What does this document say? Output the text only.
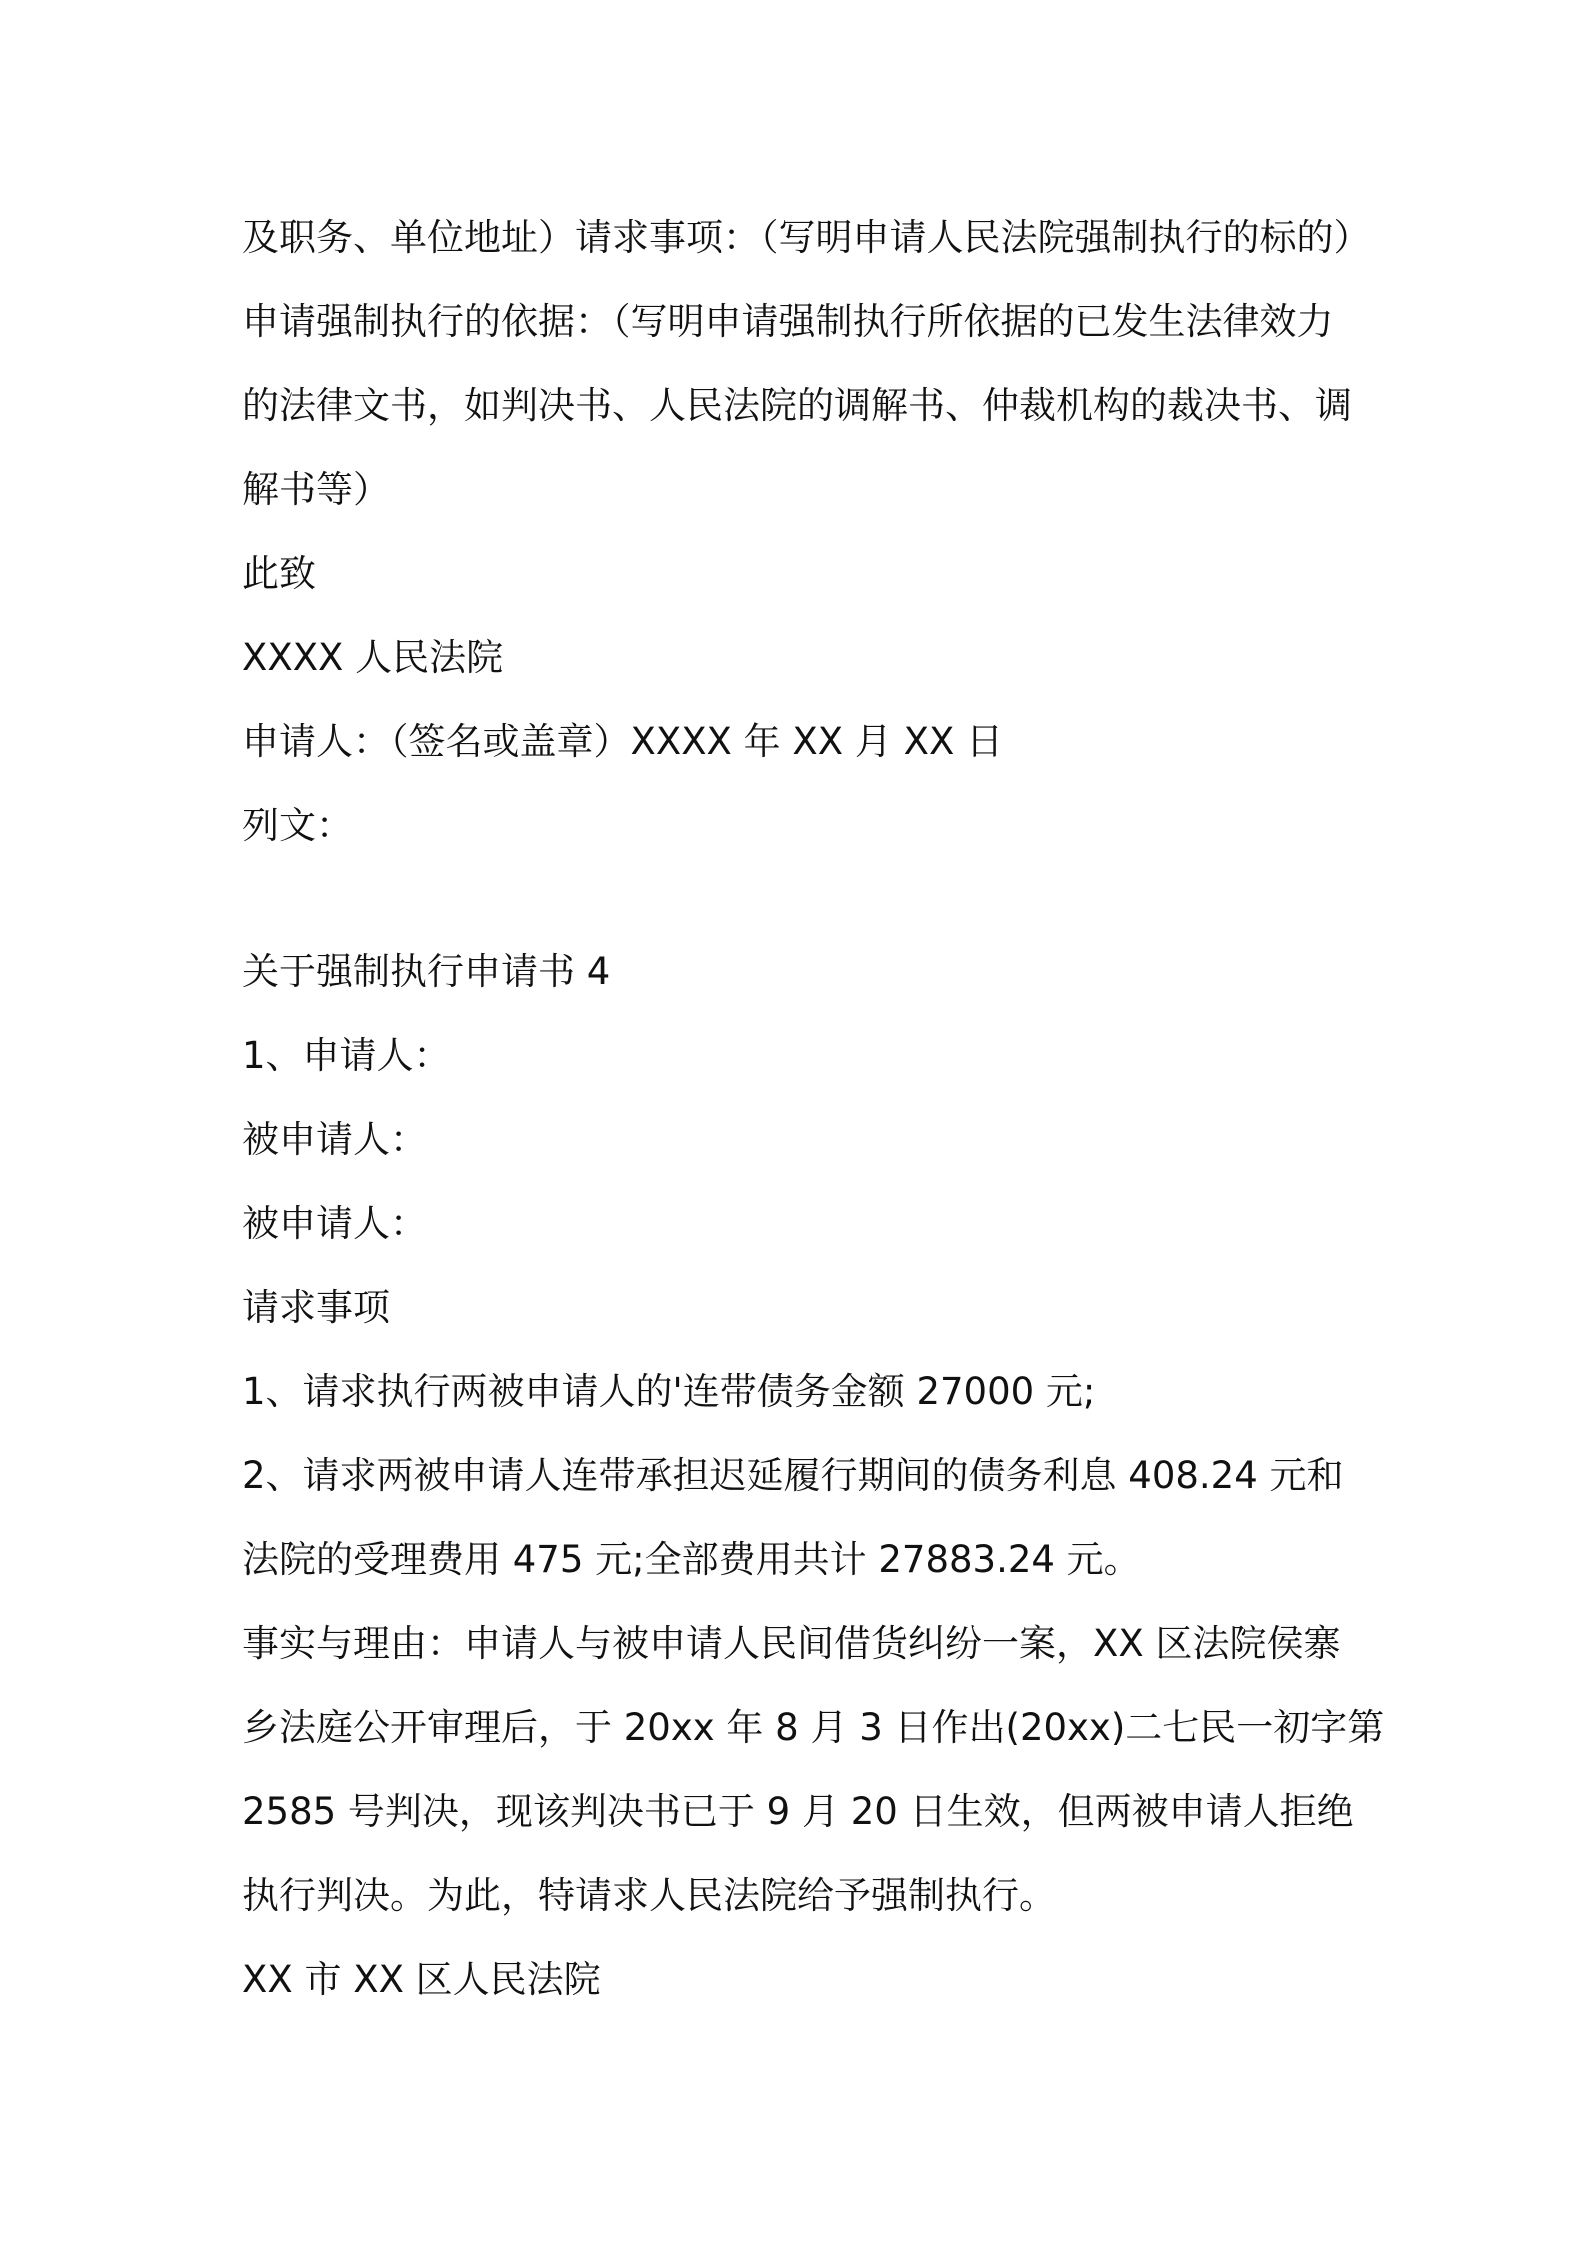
及职务、单位地址）请求事项：（写明申请人民法院强制执行的标的）
申请强制执行的依据：（写明申请强制执行所依据的已发生法律效力
的法律文书，如判决书、人民法院的调解书、仲裁机构的裁决书、调
解书等）
此致
XXXX 人民法院
申请人：（签名或盖章）XXXX 年 XX 月 XX 日
列文：
关于强制执行申请书 4
1、申请人：
被申请人：
被申请人：
请求事项
1、请求执行两被申请人的'连带债务金额 27000 元;
2、请求两被申请人连带承担迟延履行期间的债务利息 408.24 元和
法院的受理费用 475 元;全部费用共计 27883.24 元。
事实与理由：申请人与被申请人民间借货纠纷一案，XX 区法院侯寨
乡法庭公开审理后，于 20xx 年 8 月 3 日作出(20xx)二七民一初字第
2585 号判决，现该判决书已于 9 月 20 日生效，但两被申请人拒绝
执行判决。为此，特请求人民法院给予强制执行。
XX 市 XX 区人民法院
